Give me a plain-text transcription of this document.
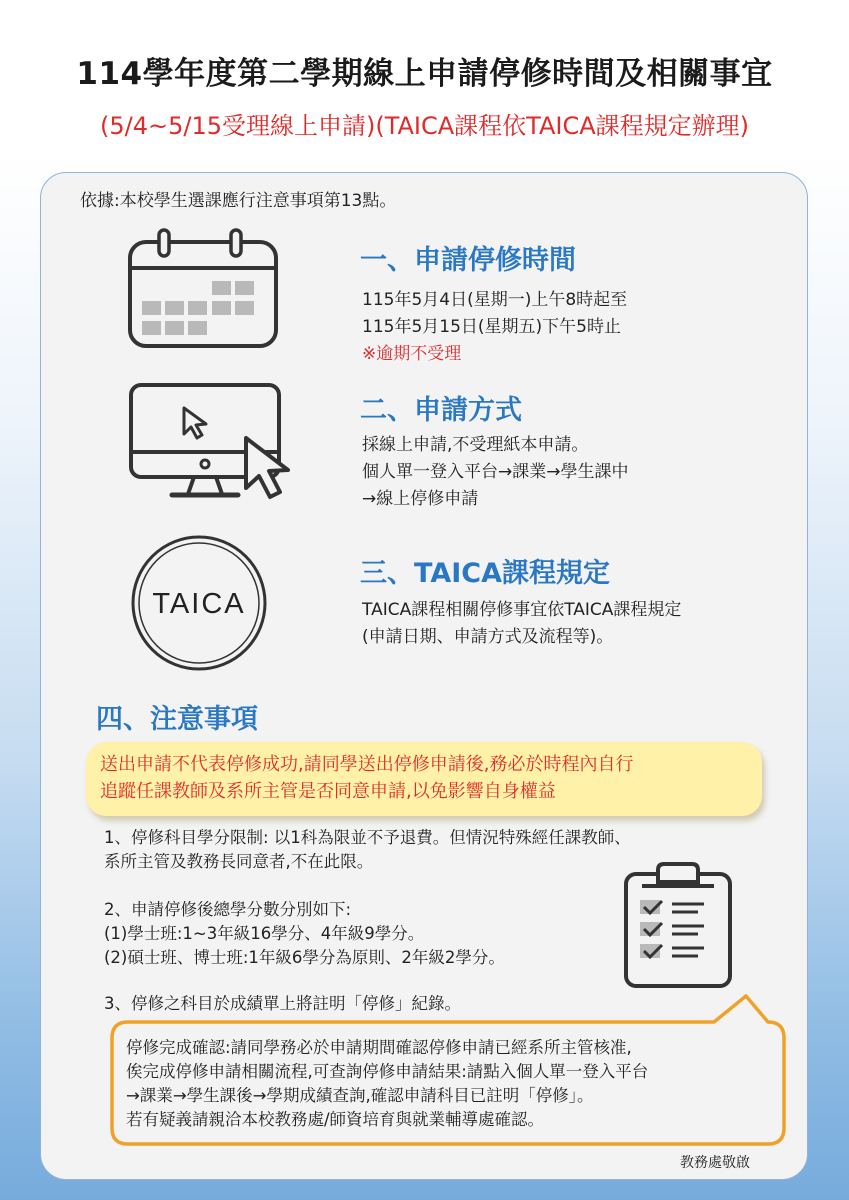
114學年度第二學期線上申請停修時間及相關事宜
(5/4~5/15受理線上申請)(TAICA課程依TAICA課程規定辦理)
依據:本校學生選課應行注意事項第13點。
一、申請停修時間
115年5月4日(星期一)上午8時起至
115年5月15日(星期五)下午5時止
※逾期不受理
二、申請方式
採線上申請,不受理紙本申請。
個人單一登入平台→課業→學生課中
→線上停修申請
TAICA
三、TAICA課程規定
TAICA課程相關停修事宜依TAICA課程規定
(申請日期、申請方式及流程等)。
四、注意事項
送出申請不代表停修成功,請同學送出停修申請後,務必於時程內自行
追蹤任課教師及系所主管是否同意申請,以免影響自身權益
1、停修科目學分限制: 以1科為限並不予退費。但情況特殊經任課教師、
系所主管及教務長同意者,不在此限。
2、申請停修後總學分數分別如下:
(1)學士班:1~3年級16學分、4年級9學分。
(2)碩士班、博士班:1年級6學分為原則、2年級2學分。
3、停修之科目於成績單上將註明「停修」紀錄。
停修完成確認:請同學務必於申請期間確認停修申請已經系所主管核准,
俟完成停修申請相關流程,可查詢停修申請結果:請點入個人單一登入平台
→課業→學生課後→學期成績查詢,確認申請科目已註明「停修」。
若有疑義請親洽本校教務處/師資培育與就業輔導處確認。
教務處敬啟
